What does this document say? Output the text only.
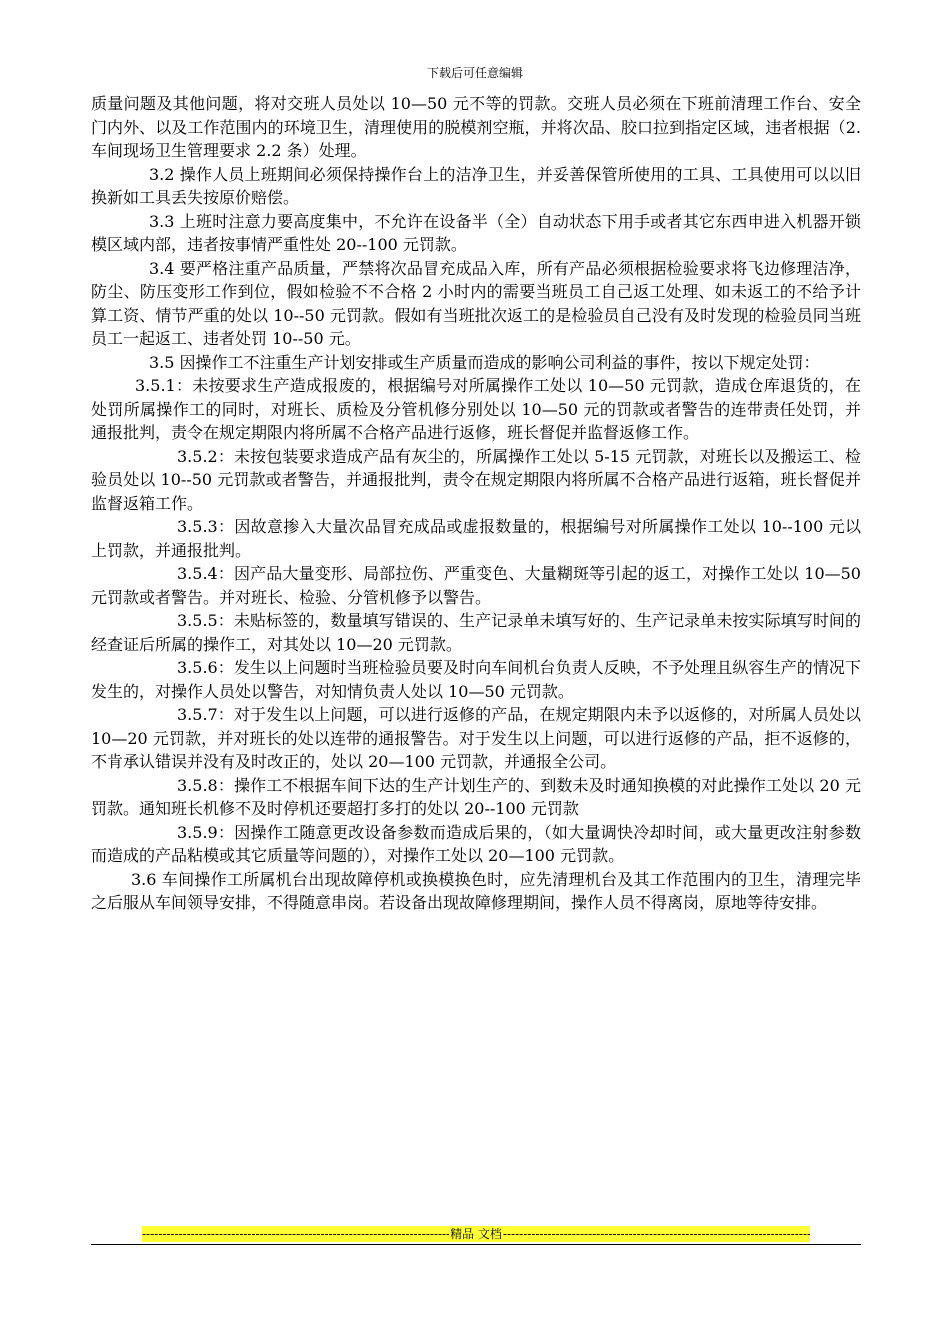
下载后可任意编辑

质量问题及其他问题，将对交班人员处以 10—50 元不等的罚款。交班人员必须在下班前清理工作台、安全门内外、以及工作范围内的环境卫生，清理使用的脱模剂空瓶，并将次品、胶口拉到指定区域，违者根据（2.车间现场卫生管理要求 2.2 条）处理。

3.2 操作人员上班期间必须保持操作台上的洁净卫生，并妥善保管所使用的工具、工具使用可以以旧换新如工具丢失按原价赔偿。

3.3 上班时注意力要高度集中，不允许在设备半（全）自动状态下用手或者其它东西申进入机器开锁模区域内部，违者按事情严重性处 20--100 元罚款。

3.4 要严格注重产品质量，严禁将次品冒充成品入库，所有产品必须根据检验要求将飞边修理洁净，防尘、防压变形工作到位，假如检验不不合格 2 小时内的需要当班员工自己返工处理、如未返工的不给予计算工资、情节严重的处以 10--50 元罚款。假如有当班批次返工的是检验员自己没有及时发现的检验员同当班员工一起返工、违者处罚 10--50 元。

3.5 因操作工不注重生产计划安排或生产质量而造成的影响公司利益的事件，按以下规定处罚：

3.5.1：未按要求生产造成报废的，根据编号对所属操作工处以 10—50 元罚款，造成仓库退货的，在处罚所属操作工的同时，对班长、质检及分管机修分别处以 10—50 元的罚款或者警告的连带责任处罚，并通报批判，责令在规定期限内将所属不合格产品进行返修，班长督促并监督返修工作。

3.5.2：未按包装要求造成产品有灰尘的，所属操作工处以 5-15 元罚款，对班长以及搬运工、检验员处以 10--50 元罚款或者警告，并通报批判，责令在规定期限内将所属不合格产品进行返箱，班长督促并监督返箱工作。

3.5.3：因故意掺入大量次品冒充成品或虚报数量的，根据编号对所属操作工处以 10--100 元以上罚款，并通报批判。

3.5.4：因产品大量变形、局部拉伤、严重变色、大量糊斑等引起的返工，对操作工处以 10—50 元罚款或者警告。并对班长、检验、分管机修予以警告。

3.5.5：未贴标签的，数量填写错误的、生产记录单未填写好的、生产记录单未按实际填写时间的经查证后所属的操作工，对其处以 10—20 元罚款。

3.5.6：发生以上问题时当班检验员要及时向车间机台负责人反映，不予处理且纵容生产的情况下发生的，对操作人员处以警告，对知情负责人处以 10—50 元罚款。

3.5.7：对于发生以上问题，可以进行返修的产品，在规定期限内未予以返修的，对所属人员处以 10—20 元罚款，并对班长的处以连带的通报警告。对于发生以上问题，可以进行返修的产品，拒不返修的，不肯承认错误并没有及时改正的，处以 20—100 元罚款，并通报全公司。

3.5.8：操作工不根据车间下达的生产计划生产的、到数未及时通知换模的对此操作工处以 20 元罚款。通知班长机修不及时停机还要超打多打的处以 20--100 元罚款

3.5.9：因操作工随意更改设备参数而造成后果的，（如大量调快冷却时间，或大量更改注射参数而造成的产品粘模或其它质量等问题的），对操作工处以 20—100 元罚款。

3.6 车间操作工所属机台出现故障停机或换模换色时，应先清理机台及其工作范围内的卫生，清理完毕之后服从车间领导安排，不得随意串岗。若设备出现故障修理期间，操作人员不得离岗，原地等待安排。

-----
精品 文档
-----
